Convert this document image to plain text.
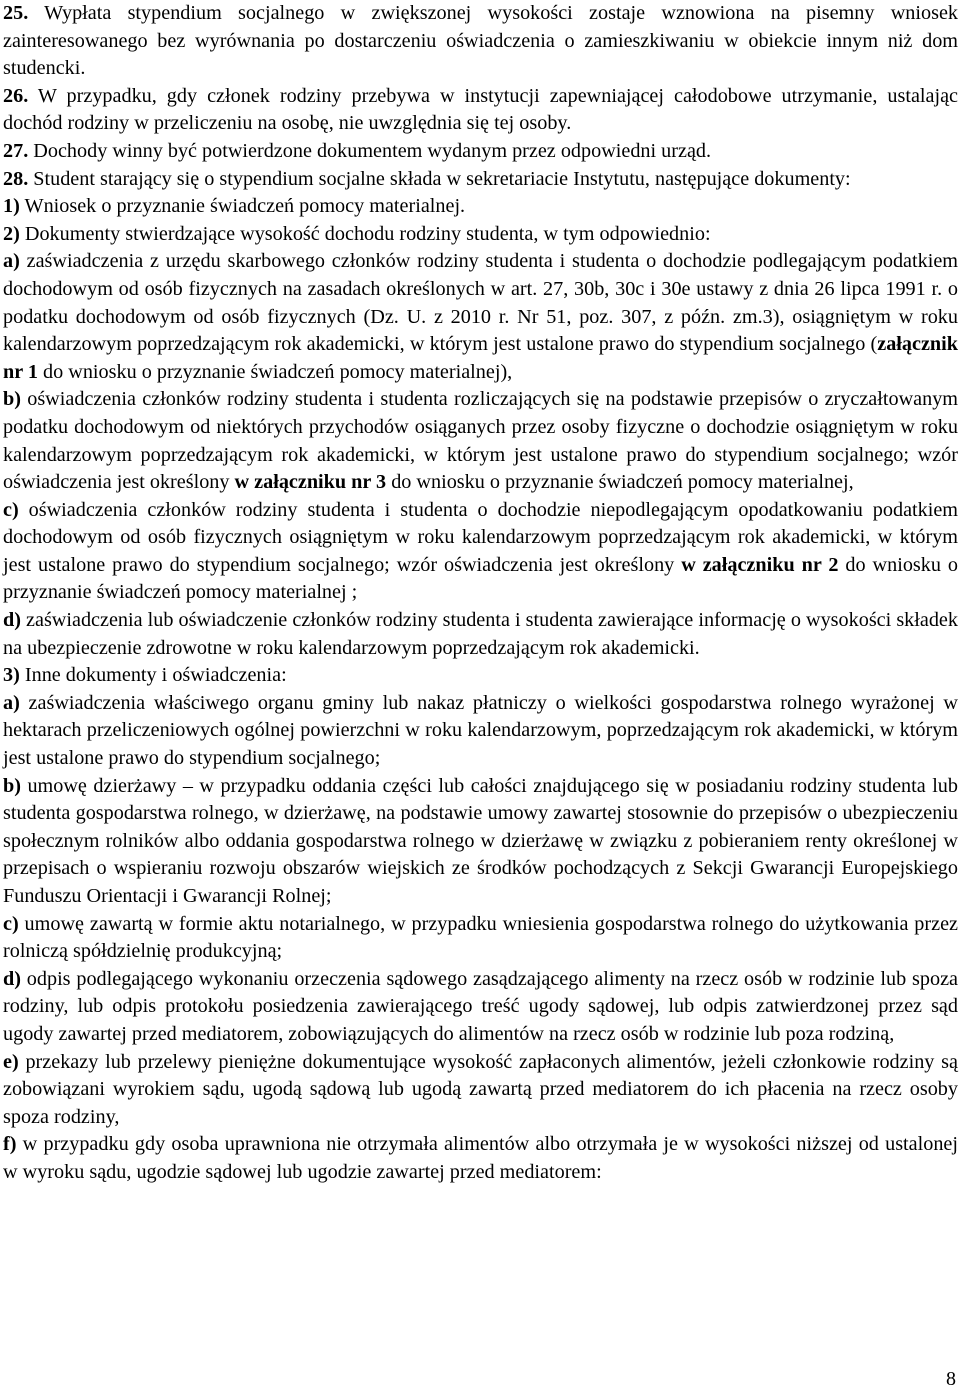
25. Wypłata stypendium socjalnego w zwiększonej wysokości zostaje wznowiona na pisemny wniosek zainteresowanego bez wyrównania po dostarczeniu oświadczenia o zamieszkiwaniu w obiekcie innym niż dom studencki.

26. W przypadku, gdy członek rodziny przebywa w instytucji zapewniającej całodobowe utrzymanie, ustalając dochód rodziny w przeliczeniu na osobę, nie uwzględnia się tej osoby.

27. Dochody winny być potwierdzone dokumentem wydanym przez odpowiedni urząd.

28. Student starający się o stypendium socjalne składa w sekretariacie Instytutu, następujące dokumenty:

1) Wniosek o przyznanie świadczeń pomocy materialnej.

2) Dokumenty stwierdzające wysokość dochodu rodziny studenta, w tym odpowiednio:

a) zaświadczenia z urzędu skarbowego członków rodziny studenta i studenta o dochodzie podlegającym podatkiem dochodowym od osób fizycznych na zasadach określonych w art. 27, 30b, 30c i 30e ustawy z dnia 26 lipca 1991 r. o podatku dochodowym od osób fizycznych (Dz. U. z 2010 r. Nr 51, poz. 307, z późn. zm.3), osiągniętym w roku kalendarzowym poprzedzającym rok akademicki, w którym jest ustalone prawo do stypendium socjalnego (załącznik nr 1 do wniosku o przyznanie świadczeń pomocy materialnej),

b) oświadczenia członków rodziny studenta i studenta rozliczających się na podstawie przepisów o zryczałtowanym podatku dochodowym od niektórych przychodów osiąganych przez osoby fizyczne o dochodzie osiągniętym w roku kalendarzowym poprzedzającym rok akademicki, w którym jest ustalone prawo do stypendium socjalnego; wzór oświadczenia jest określony w załączniku nr 3 do wniosku o przyznanie świadczeń pomocy materialnej,

c) oświadczenia członków rodziny studenta i studenta o dochodzie niepodlegającym opodatkowaniu podatkiem dochodowym od osób fizycznych osiągniętym w roku kalendarzowym poprzedzającym rok akademicki, w którym jest ustalone prawo do stypendium socjalnego; wzór oświadczenia jest określony w załączniku nr 2 do wniosku o przyznanie świadczeń pomocy materialnej ;

d) zaświadczenia lub oświadczenie członków rodziny studenta i studenta zawierające informację o wysokości składek na ubezpieczenie zdrowotne w roku kalendarzowym poprzedzającym rok akademicki.

3) Inne dokumenty i oświadczenia:

a) zaświadczenia właściwego organu gminy lub nakaz płatniczy o wielkości gospodarstwa rolnego wyrażonej w hektarach przeliczeniowych ogólnej powierzchni w roku kalendarzowym, poprzedzającym rok akademicki, w którym jest ustalone prawo do stypendium socjalnego;

b) umowę dzierżawy – w przypadku oddania części lub całości znajdującego się w posiadaniu rodziny studenta lub studenta gospodarstwa rolnego, w dzierżawę, na podstawie umowy zawartej stosownie do przepisów o ubezpieczeniu społecznym rolników albo oddania gospodarstwa rolnego w dzierżawę w związku z pobieraniem renty określonej w przepisach o wspieraniu rozwoju obszarów wiejskich ze środków pochodzących z Sekcji Gwarancji Europejskiego Funduszu Orientacji i Gwarancji Rolnej;

c) umowę zawartą w formie aktu notarialnego, w przypadku wniesienia gospodarstwa rolnego do użytkowania przez rolniczą spółdzielnię produkcyjną;

d) odpis podlegającego wykonaniu orzeczenia sądowego zasądzającego alimenty na rzecz osób w rodzinie lub spoza rodziny, lub odpis protokołu posiedzenia zawierającego treść ugody sądowej, lub odpis zatwierdzonej przez sąd ugody zawartej przed mediatorem, zobowiązujących do alimentów na rzecz osób w rodzinie lub poza rodziną,

e) przekazy lub przelewy pieniężne dokumentujące wysokość zapłaconych alimentów, jeżeli członkowie rodziny są zobowiązani wyrokiem sądu, ugodą sądową lub ugodą zawartą przed mediatorem do ich płacenia na rzecz osoby spoza rodziny,

f) w przypadku gdy osoba uprawniona nie otrzymała alimentów albo otrzymała je w wysokości niższej od ustalonej w wyroku sądu, ugodzie sądowej lub ugodzie zawartej przed mediatorem:

8
